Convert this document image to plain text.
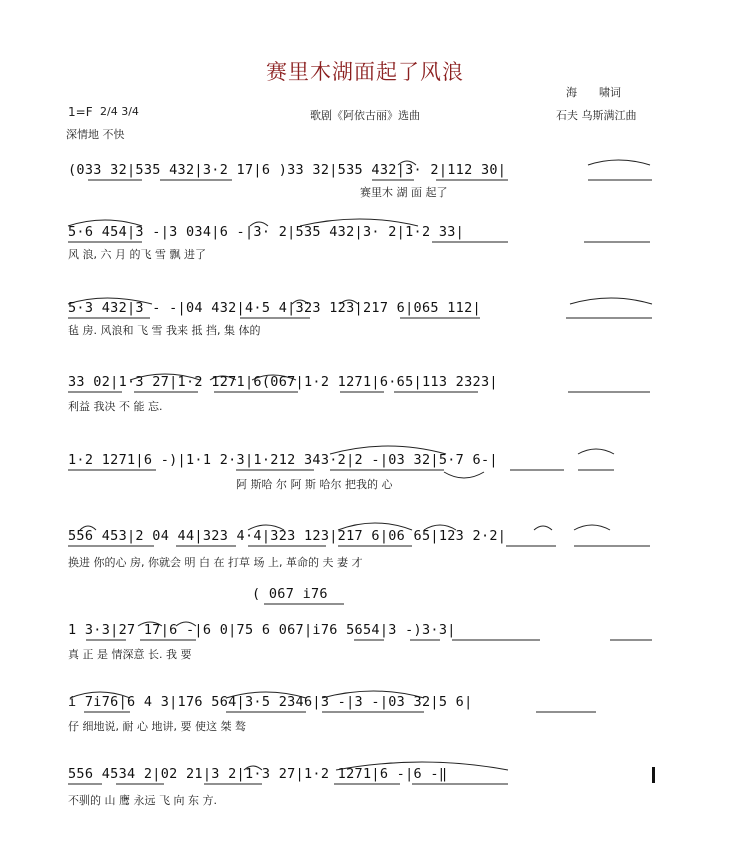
赛里木湖面起了风浪
海　　啸词
歌剧《阿依古丽》选曲	石夫 乌斯满江曲
1=F 2/4 3/4
深情地 不快
(033 32|535 432|3·2 17|6 )33 32|535 432|3· 2|112 30|
赛里木 湖 面 起了
5·6 454|3 -|3 034|6 -|3· 2|535 432|3· 2|1·2 33|
风 浪, 六 月 的飞 雪 飘 进了
5·3 432|3 - -|04 432|4·5 4|323 123|217 6|065 112|
毡 房. 风浪和 飞 雪 我来 抵 挡, 集 体的
33 02|1·3 27|1·2 1271|6(067|1·2 1271|6·65|113 2323|
利益 我决 不 能 忘.
1·2 1271|6 -)|1·1 2·3|1·212 343·2|2 -|03 32|5·7 6-|
阿 斯哈 尔 阿 斯 哈尔 把我的 心
556 453|2 04 44|323 4·4|323 123|217 6|06 65|123 2·2|
换进 你的心 房, 你就会 明 白 在 打草 场 上, 革命的 夫 妻 才
( 067 i76
1 3·3|27 17|6 -|6 0|75 6 067|i76 5654|3 -)3·3|
真 正 是 情深意 长. 我 要
i 7i76|6 4 3|176 564|3·5 2346|3 -|3 -|03 32|5 6|
仔 细地说, 耐 心 地讲, 要 使这 桀 骜
556 4534 2|02 21|3 2|1·3 27|1·2 1271|6 -|6 -‖
不驯的 山 鹰 永远 飞 向 东 方.
